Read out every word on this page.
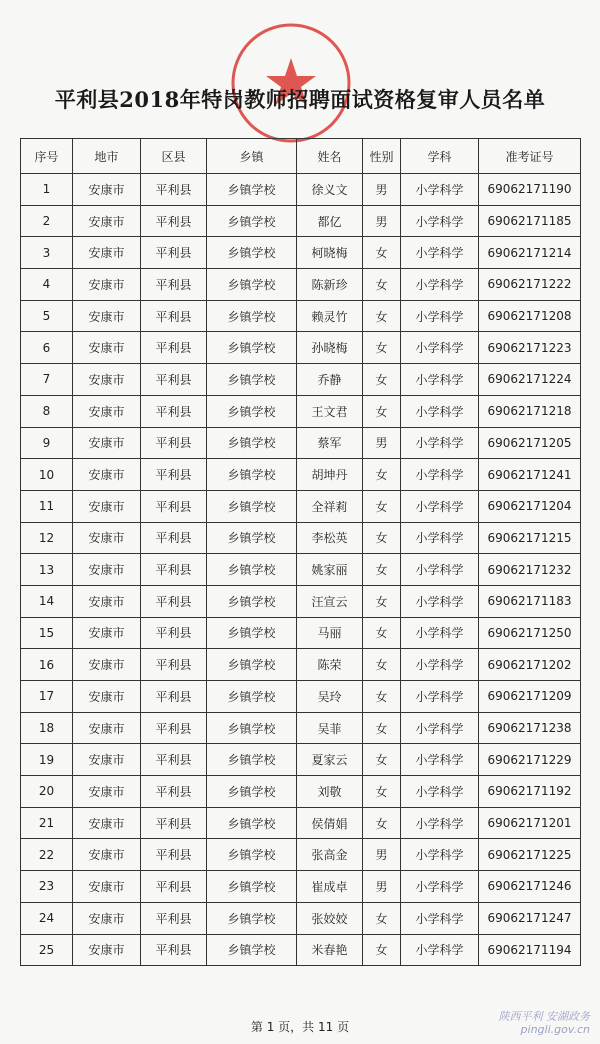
平利县2018年特岗教师招聘面试资格复审人员名单
序号	地市	区县	乡镇	姓名	性别	学科	准考证号
1	安康市	平利县	乡镇学校	徐义文	男	小学科学	69062171190
2	安康市	平利县	乡镇学校	都亿	男	小学科学	69062171185
3	安康市	平利县	乡镇学校	柯晓梅	女	小学科学	69062171214
4	安康市	平利县	乡镇学校	陈新珍	女	小学科学	69062171222
5	安康市	平利县	乡镇学校	赖灵竹	女	小学科学	69062171208
6	安康市	平利县	乡镇学校	孙晓梅	女	小学科学	69062171223
7	安康市	平利县	乡镇学校	乔静	女	小学科学	69062171224
8	安康市	平利县	乡镇学校	王文君	女	小学科学	69062171218
9	安康市	平利县	乡镇学校	蔡军	男	小学科学	69062171205
10	安康市	平利县	乡镇学校	胡坤丹	女	小学科学	69062171241
11	安康市	平利县	乡镇学校	全祥莉	女	小学科学	69062171204
12	安康市	平利县	乡镇学校	李松英	女	小学科学	69062171215
13	安康市	平利县	乡镇学校	姚家丽	女	小学科学	69062171232
14	安康市	平利县	乡镇学校	汪宣云	女	小学科学	69062171183
15	安康市	平利县	乡镇学校	马丽	女	小学科学	69062171250
16	安康市	平利县	乡镇学校	陈荣	女	小学科学	69062171202
17	安康市	平利县	乡镇学校	吴玲	女	小学科学	69062171209
18	安康市	平利县	乡镇学校	吴菲	女	小学科学	69062171238
19	安康市	平利县	乡镇学校	夏家云	女	小学科学	69062171229
20	安康市	平利县	乡镇学校	刘敬	女	小学科学	69062171192
21	安康市	平利县	乡镇学校	侯倩娟	女	小学科学	69062171201
22	安康市	平利县	乡镇学校	张高金	男	小学科学	69062171225
23	安康市	平利县	乡镇学校	崔成卓	男	小学科学	69062171246
24	安康市	平利县	乡镇学校	张姣姣	女	小学科学	69062171247
25	安康市	平利县	乡镇学校	米春艳	女	小学科学	69062171194
第 1 页，共 11 页
陕西平利 安湖政务
pingli.gov.cn
